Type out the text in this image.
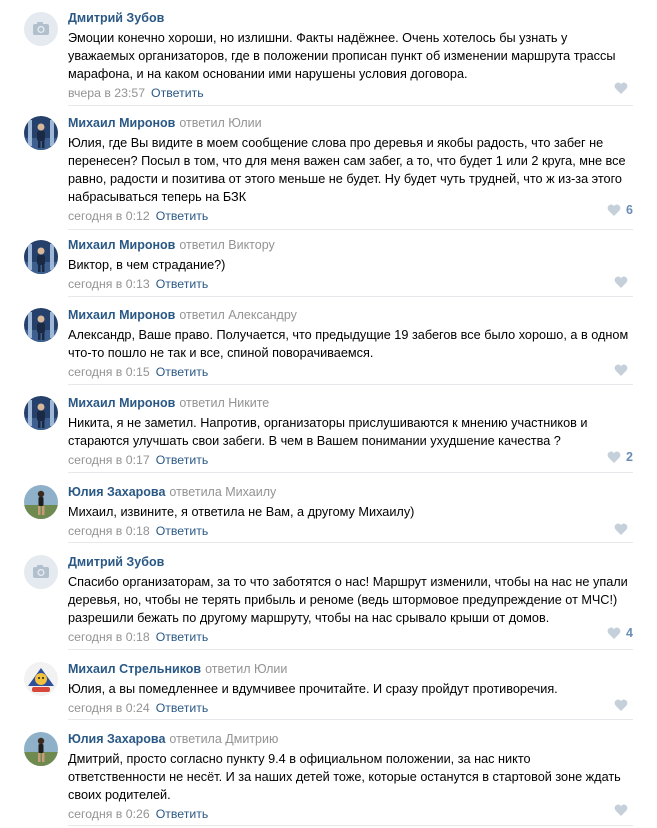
Дмитрий Зубов
Эмоции конечно хороши, но излишни. Факты надёжнее. Очень хотелось бы узнать у уважаемых организаторов, где в положении прописан пункт об изменении маршрута трассы марафона, и на каком основании ими нарушены условия договора.
вчера в 23:57 Ответить
Михаил Миронов ответил Юлии
Юлия, где Вы видите в моем сообщение слова про деревья и якобы радость, что забег не перенесен? Посыл в том, что для меня важен сам забег, а то, что будет 1 или 2 круга, мне все равно, радости и позитива от этого меньше не будет. Ну будет чуть трудней, что ж из-за этого набрасываться теперь на БЗК
сегодня в 0:12 Ответить	6
Михаил Миронов ответил Виктору
Виктор, в чем страдание?)
сегодня в 0:13 Ответить
Михаил Миронов ответил Александру
Александр, Ваше право. Получается, что предыдущие 19 забегов все было хорошо, а в одном что-то пошло не так и все, спиной поворачиваемся.
сегодня в 0:15 Ответить
Михаил Миронов ответил Никите
Никита, я не заметил. Напротив, организаторы прислушиваются к мнению участников и стараются улучшать свои забеги. В чем в Вашем понимании ухудшение качества ?
сегодня в 0:17 Ответить	2
Юлия Захарова ответила Михаилу
Михаил, извините, я ответила не Вам, а другому Михаилу)
сегодня в 0:18 Ответить
Дмитрий Зубов
Спасибо организаторам, за то что заботятся о нас! Маршрут изменили, чтобы на нас не упали деревья, но, чтобы не терять прибыль и реноме (ведь штормовое предупреждение от МЧС!) разрешили бежать по другому маршруту, чтобы на нас срывало крыши от домов.
сегодня в 0:18 Ответить	4
Михаил Стрельников ответил Юлии
Юлия, а вы помедленнее и вдумчивее прочитайте. И сразу пройдут противоречия.
сегодня в 0:24 Ответить
Юлия Захарова ответила Дмитрию
Дмитрий, просто согласно пункту 9.4 в официальном положении, за нас никто ответственности не несёт. И за наших детей тоже, которые останутся в стартовой зоне ждать своих родителей.
сегодня в 0:26 Ответить
